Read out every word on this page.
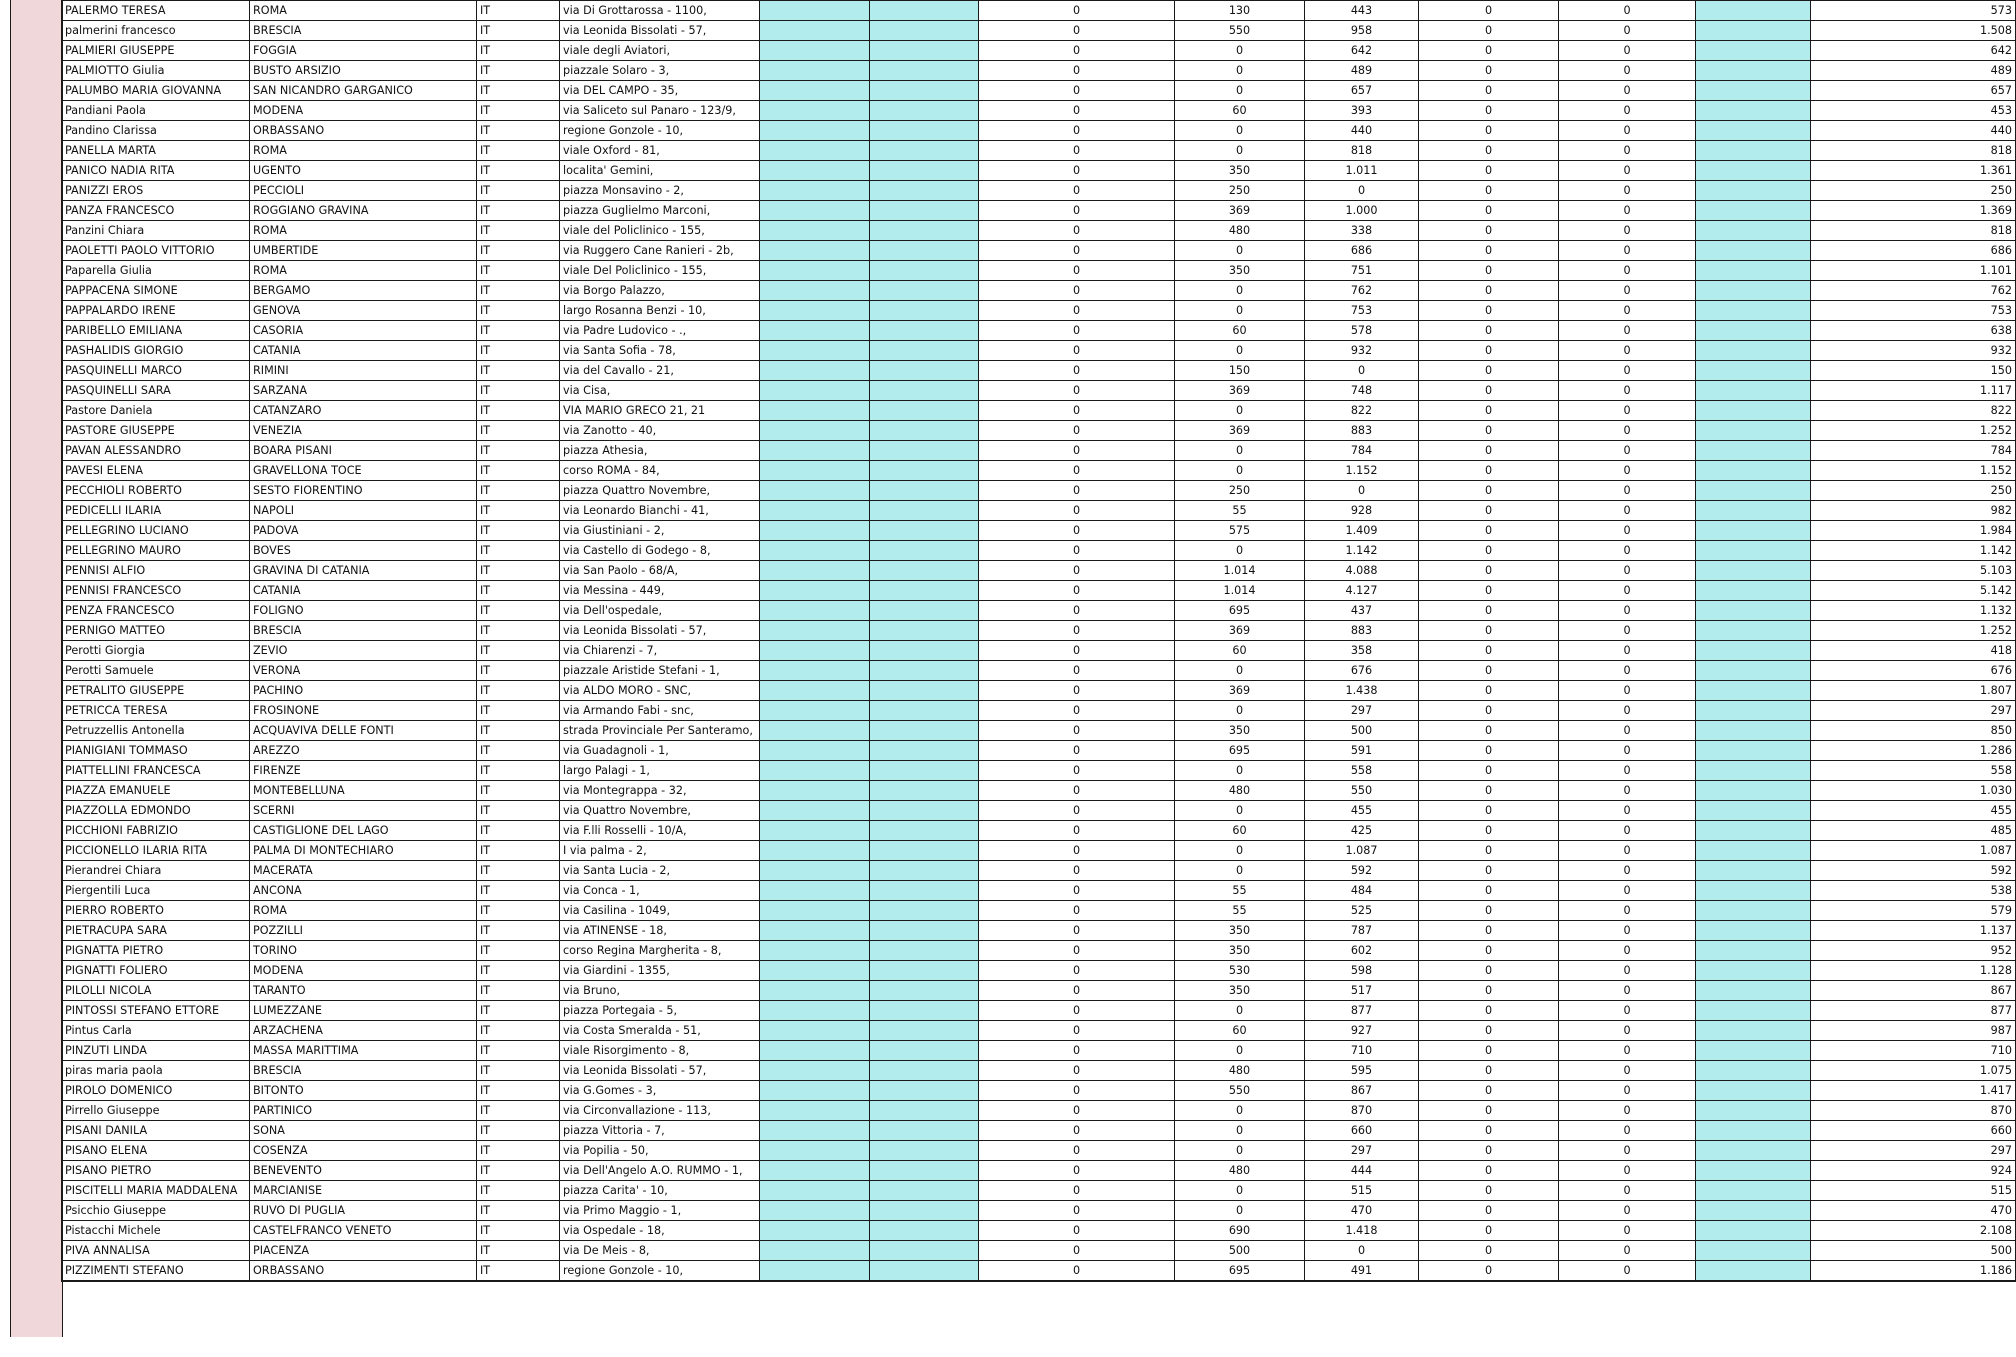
PALERMO TERESA	ROMA	IT	via Di Grottarossa - 1100,			0	130	443	0	0		573
palmerini francesco	BRESCIA	IT	via Leonida Bissolati - 57,			0	550	958	0	0		1.508
PALMIERI GIUSEPPE	FOGGIA	IT	viale degli Aviatori,			0	0	642	0	0		642
PALMIOTTO Giulia	BUSTO ARSIZIO	IT	piazzale Solaro - 3,			0	0	489	0	0		489
PALUMBO MARIA GIOVANNA	SAN NICANDRO GARGANICO	IT	via DEL CAMPO - 35,			0	0	657	0	0		657
Pandiani Paola	MODENA	IT	via Saliceto sul Panaro - 123/9,			0	60	393	0	0		453
Pandino Clarissa	ORBASSANO	IT	regione Gonzole - 10,			0	0	440	0	0		440
PANELLA MARTA	ROMA	IT	viale Oxford - 81,			0	0	818	0	0		818
PANICO NADIA RITA	UGENTO	IT	localita' Gemini,			0	350	1.011	0	0		1.361
PANIZZI EROS	PECCIOLI	IT	piazza Monsavino - 2,			0	250	0	0	0		250
PANZA FRANCESCO	ROGGIANO GRAVINA	IT	piazza Guglielmo Marconi,			0	369	1.000	0	0		1.369
Panzini Chiara	ROMA	IT	viale del Policlinico - 155,			0	480	338	0	0		818
PAOLETTI PAOLO VITTORIO	UMBERTIDE	IT	via Ruggero Cane Ranieri - 2b,			0	0	686	0	0		686
Paparella Giulia	ROMA	IT	viale Del Policlinico - 155,			0	350	751	0	0		1.101
PAPPACENA SIMONE	BERGAMO	IT	via Borgo Palazzo,			0	0	762	0	0		762
PAPPALARDO IRENE	GENOVA	IT	largo Rosanna Benzi - 10,			0	0	753	0	0		753
PARIBELLO EMILIANA	CASORIA	IT	via Padre Ludovico - .,			0	60	578	0	0		638
PASHALIDIS GIORGIO	CATANIA	IT	via Santa Sofia - 78,			0	0	932	0	0		932
PASQUINELLI MARCO	RIMINI	IT	via del Cavallo - 21,			0	150	0	0	0		150
PASQUINELLI SARA	SARZANA	IT	via Cisa,			0	369	748	0	0		1.117
Pastore Daniela	CATANZARO	IT	VIA MARIO GRECO 21, 21			0	0	822	0	0		822
PASTORE GIUSEPPE	VENEZIA	IT	via Zanotto - 40,			0	369	883	0	0		1.252
PAVAN ALESSANDRO	BOARA PISANI	IT	piazza Athesia,			0	0	784	0	0		784
PAVESI ELENA	GRAVELLONA TOCE	IT	corso ROMA - 84,			0	0	1.152	0	0		1.152
PECCHIOLI ROBERTO	SESTO FIORENTINO	IT	piazza Quattro Novembre,			0	250	0	0	0		250
PEDICELLI ILARIA	NAPOLI	IT	via Leonardo Bianchi - 41,			0	55	928	0	0		982
PELLEGRINO LUCIANO	PADOVA	IT	via Giustiniani - 2,			0	575	1.409	0	0		1.984
PELLEGRINO MAURO	BOVES	IT	via Castello di Godego - 8,			0	0	1.142	0	0		1.142
PENNISI ALFIO	GRAVINA DI CATANIA	IT	via San Paolo - 68/A,			0	1.014	4.088	0	0		5.103
PENNISI FRANCESCO	CATANIA	IT	via Messina - 449,			0	1.014	4.127	0	0		5.142
PENZA FRANCESCO	FOLIGNO	IT	via Dell'ospedale,			0	695	437	0	0		1.132
PERNIGO MATTEO	BRESCIA	IT	via Leonida Bissolati - 57,			0	369	883	0	0		1.252
Perotti Giorgia	ZEVIO	IT	via Chiarenzi - 7,			0	60	358	0	0		418
Perotti Samuele	VERONA	IT	piazzale Aristide Stefani - 1,			0	0	676	0	0		676
PETRALITO GIUSEPPE	PACHINO	IT	via ALDO MORO - SNC,			0	369	1.438	0	0		1.807
PETRICCA TERESA	FROSINONE	IT	via Armando Fabi - snc,			0	0	297	0	0		297
Petruzzellis Antonella	ACQUAVIVA DELLE FONTI	IT	strada Provinciale Per Santeramo,			0	350	500	0	0		850
PIANIGIANI TOMMASO	AREZZO	IT	via Guadagnoli - 1,			0	695	591	0	0		1.286
PIATTELLINI FRANCESCA	FIRENZE	IT	largo Palagi - 1,			0	0	558	0	0		558
PIAZZA EMANUELE	MONTEBELLUNA	IT	via Montegrappa - 32,			0	480	550	0	0		1.030
PIAZZOLLA EDMONDO	SCERNI	IT	via Quattro Novembre,			0	0	455	0	0		455
PICCHIONI FABRIZIO	CASTIGLIONE DEL LAGO	IT	via F.lli Rosselli - 10/A,			0	60	425	0	0		485
PICCIONELLO ILARIA RITA	PALMA DI MONTECHIARO	IT	I via palma - 2,			0	0	1.087	0	0		1.087
Pierandrei Chiara	MACERATA	IT	via Santa Lucia - 2,			0	0	592	0	0		592
Piergentili Luca	ANCONA	IT	via Conca - 1,			0	55	484	0	0		538
PIERRO ROBERTO	ROMA	IT	via Casilina - 1049,			0	55	525	0	0		579
PIETRACUPA SARA	POZZILLI	IT	via ATINENSE - 18,			0	350	787	0	0		1.137
PIGNATTA PIETRO	TORINO	IT	corso Regina Margherita - 8,			0	350	602	0	0		952
PIGNATTI FOLIERO	MODENA	IT	via Giardini - 1355,			0	530	598	0	0		1.128
PILOLLI NICOLA	TARANTO	IT	via Bruno,			0	350	517	0	0		867
PINTOSSI STEFANO ETTORE	LUMEZZANE	IT	piazza Portegaia - 5,			0	0	877	0	0		877
Pintus Carla	ARZACHENA	IT	via Costa Smeralda - 51,			0	60	927	0	0		987
PINZUTI LINDA	MASSA MARITTIMA	IT	viale Risorgimento - 8,			0	0	710	0	0		710
piras maria paola	BRESCIA	IT	via Leonida Bissolati - 57,			0	480	595	0	0		1.075
PIROLO DOMENICO	BITONTO	IT	via G.Gomes - 3,			0	550	867	0	0		1.417
Pirrello Giuseppe	PARTINICO	IT	via Circonvallazione - 113,			0	0	870	0	0		870
PISANI DANILA	SONA	IT	piazza Vittoria - 7,			0	0	660	0	0		660
PISANO ELENA	COSENZA	IT	via Popilia - 50,			0	0	297	0	0		297
PISANO PIETRO	BENEVENTO	IT	via Dell'Angelo A.O. RUMMO - 1,			0	480	444	0	0		924
PISCITELLI MARIA MADDALENA	MARCIANISE	IT	piazza Carita' - 10,			0	0	515	0	0		515
Psicchio Giuseppe	RUVO DI PUGLIA	IT	via Primo Maggio - 1,			0	0	470	0	0		470
Pistacchi Michele	CASTELFRANCO VENETO	IT	via Ospedale - 18,			0	690	1.418	0	0		2.108
PIVA ANNALISA	PIACENZA	IT	via De Meis - 8,			0	500	0	0	0		500
PIZZIMENTI STEFANO	ORBASSANO	IT	regione Gonzole - 10,			0	695	491	0	0		1.186
